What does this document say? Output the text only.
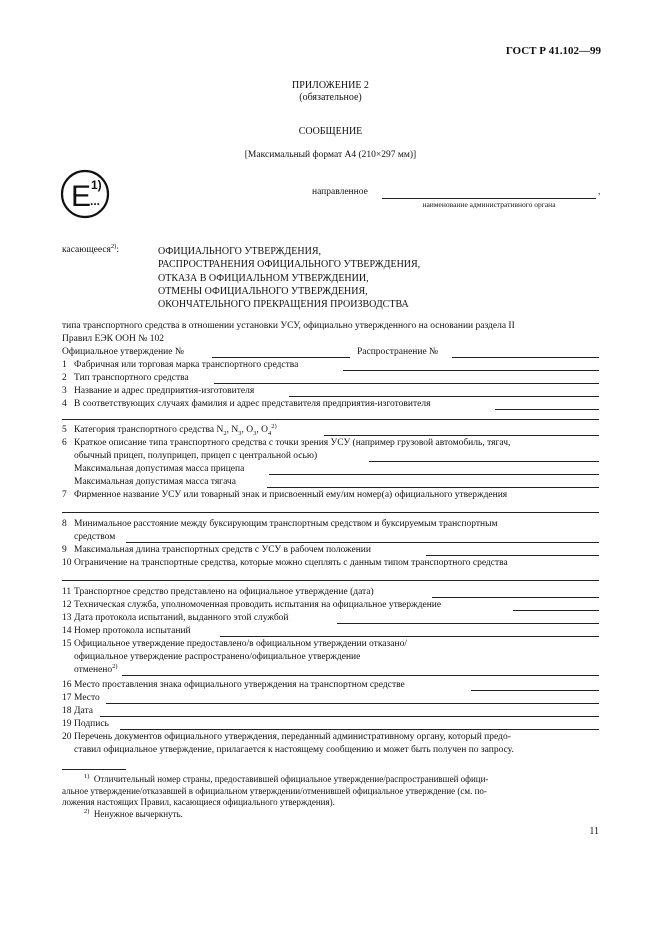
ГОСТ Р 41.102—99
ПРИЛОЖЕНИЕ 2
(обязательное)
СООБЩЕНИЕ
[Максимальный формат А4 (210×297 мм)]
E 1)
...
направленное	,
наименование административного органа
касающееся$^{2)}$:	ОФИЦИАЛЬНОГО УТВЕРЖДЕНИЯ,
РАСПРОСТРАНЕНИЯ ОФИЦИАЛЬНОГО УТВЕРЖДЕНИЯ,
ОТКАЗА В ОФИЦИАЛЬНОМ УТВЕРЖДЕНИИ,
ОТМЕНЫ ОФИЦИАЛЬНОГО УТВЕРЖДЕНИЯ,
ОКОНЧАТЕЛЬНОГО ПРЕКРАЩЕНИЯ ПРОИЗВОДСТВА
типа транспортного средства в отношении установки УСУ, официально утвержденного на основании раздела II
Правил ЕЭК ООН № 102
Официальное утверждение №	Распространение №
1 Фабричная или торговая марка транспортного средства
2 Тип транспортного средства
3 Название и адрес предприятия-изготовителя
4 В соответствующих случаях фамилия и адрес представителя предприятия-изготовителя
5 Категория транспортного средства $N_2$, $N_3$, $O_3$, $O_4^{2)}$
6 Краткое описание типа транспортного средства с точки зрения УСУ (например грузовой автомобиль, тягач,
обычный прицеп, полуприцеп, прицеп с центральной осью)
Максимальная допустимая масса прицепа
Максимальная допустимая масса тягача
7 Фирменное название УСУ или товарный знак и присвоенный ему/им номер(а) официального утверждения
8 Минимальное расстояние между буксирующим транспортным средством и буксируемым транспортным
средством
9 Максимальная длина транспортных средств с УСУ в рабочем положении
10 Ограничение на транспортные средства, которые можно сцеплять с данным типом транспортного средства
11 Транспортное средство представлено на официальное утверждение (дата)
12 Техническая служба, уполномоченная проводить испытания на официальное утверждение
13 Дата протокола испытаний, выданного этой службой
14 Номер протокола испытаний
15 Официальное утверждение предоставлено/в официальном утверждении отказано/
официальное утверждение распространено/официальное утверждение
отменено$^{2)}$
16 Место проставления знака официального утверждения на транспортном средстве
17 Место
18 Дата
19 Подпись
20 Перечень документов официального утверждения, переданный административному органу, который предо-
ставил официальное утверждение, прилагается к настоящему сообщению и может быть получен по запросу.
$^{1)}$ Отличительный номер страны, предоставившей официальное утверждение/распространившей офици-
альное утверждение/отказавшей в официальном утверждении/отменившей официальное утверждение (см. по-
ложения настоящих Правил, касающиеся официального утверждения).
$^{2)}$ Ненужное вычеркнуть.
11
